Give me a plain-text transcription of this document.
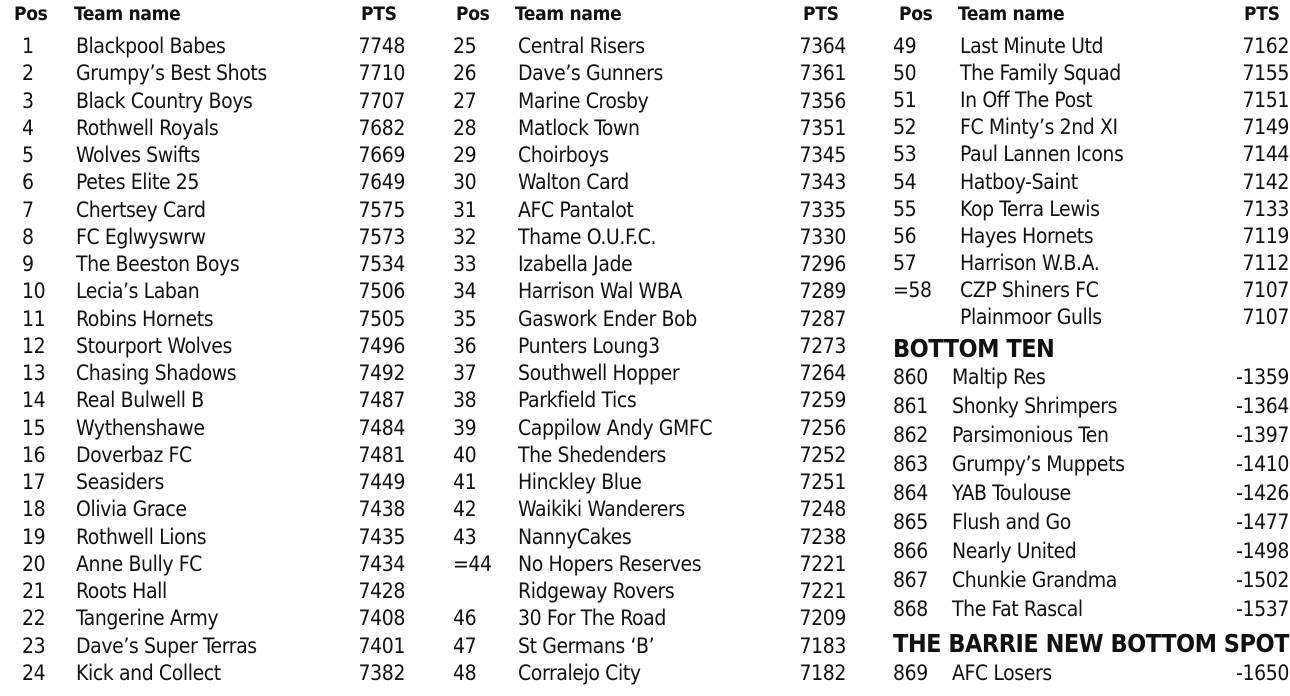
Pos Team name	PTS
1 Blackpool Babes	7748
2 Grumpy’s Best Shots	7710
3 Black Country Boys	7707
4 Rothwell Royals	7682
5 Wolves Swifts	7669
6 Petes Elite 25	7649
7 Chertsey Card	7575
8 FC Eglwyswrw	7573
9 The Beeston Boys	7534
10 Lecia’s Laban	7506
11 Robins Hornets	7505
12 Stourport Wolves	7496
13 Chasing Shadows	7492
14 Real Bulwell B	7487
15 Wythenshawe	7484
16 Doverbaz FC	7481
17 Seasiders	7449
18 Olivia Grace	7438
19 Rothwell Lions	7435
20 Anne Bully FC	7434
21 Roots Hall	7428
22 Tangerine Army	7408
23 Dave’s Super Terras	7401
24 Kick and Collect	7382
Pos Team name	PTS
25 Central Risers	7364
26 Dave’s Gunners	7361
27 Marine Crosby	7356
28 Matlock Town	7351
29 Choirboys	7345
30 Walton Card	7343
31 AFC Pantalot	7335
32 Thame O.U.F.C.	7330
33 Izabella Jade	7296
34 Harrison Wal WBA	7289
35 Gaswork Ender Bob	7287
36 Punters Loung3	7273
37 Southwell Hopper	7264
38 Parkfield Tics	7259
39 Cappilow Andy GMFC	7256
40 The Shedenders	7252
41 Hinckley Blue	7251
42 Waikiki Wanderers	7248
43 NannyCakes	7238
=44 No Hopers Reserves	7221
Ridgeway Rovers	7221
46 30 For The Road	7209
47 St Germans ‘B’	7183
48 Corralejo City	7182
Pos Team name	PTS
49 Last Minute Utd	7162
50 The Family Squad	7155
51 In Off The Post	7151
52 FC Minty’s 2nd XI	7149
53 Paul Lannen Icons	7144
54 Hatboy-Saint	7142
55 Kop Terra Lewis	7133
56 Hayes Hornets	7119
57 Harrison W.B.A.	7112
=58 CZP Shiners FC	7107
Plainmoor Gulls	7107
BOTTOM TEN
860 Maltip Res	-1359
861 Shonky Shrimpers	-1364
862 Parsimonious Ten	-1397
863 Grumpy’s Muppets	-1410
864 YAB Toulouse	-1426
865 Flush and Go	-1477
866 Nearly United	-1498
867 Chunkie Grandma	-1502
868 The Fat Rascal	-1537
THE BARRIE NEW BOTTOM SPOT
869 AFC Losers	-1650
